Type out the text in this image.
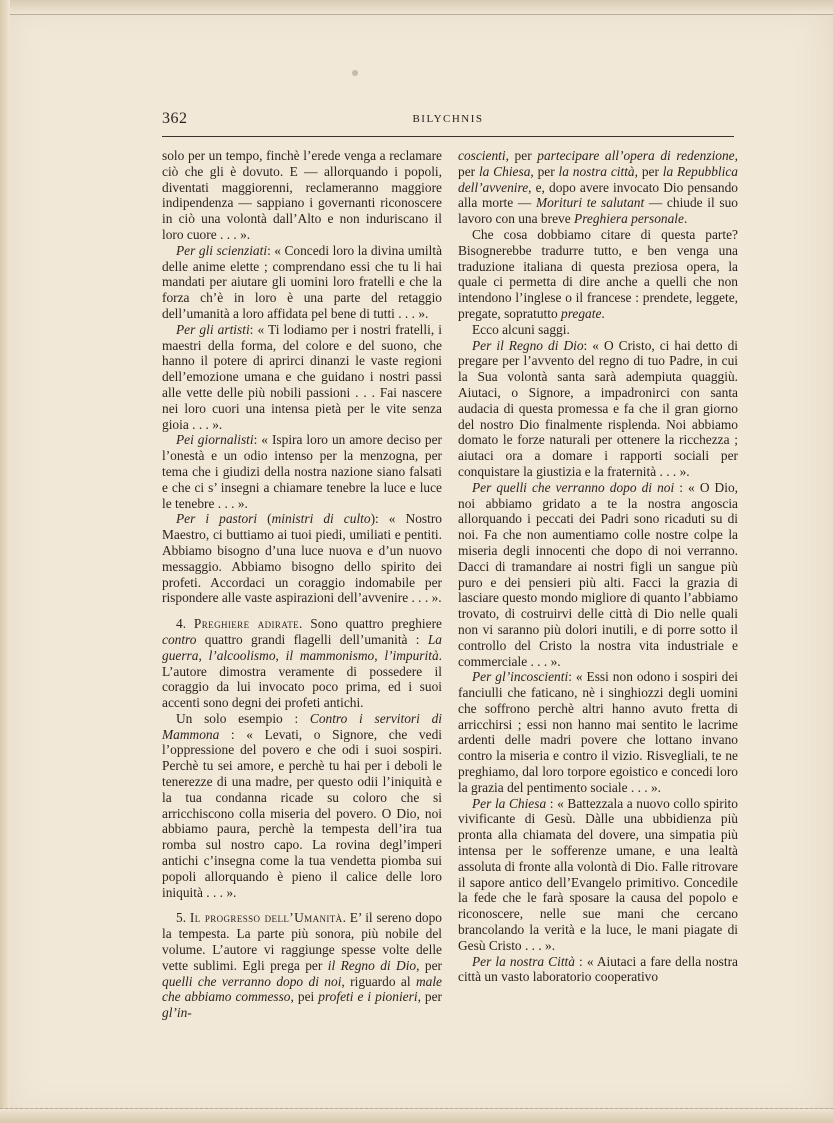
362	BILYCHNIS

solo per un tempo, finchè l’erede venga a reclamare ciò che gli è dovuto. E — allorquando i popoli, diventati maggiorenni, reclameranno maggiore indipendenza — sappiano i governanti riconoscere in ciò una volontà dall’Alto e non induriscano il loro cuore . . . ».

Per gli scienziati: « Concedi loro la divina umiltà delle anime elette ; comprendano essi che tu li hai mandati per aiutare gli uomini loro fratelli e che la forza ch’è in loro è una parte del retaggio dell’umanità a loro affidata pel bene di tutti . . . ».

Per gli artisti: « Ti lodiamo per i nostri fratelli, i maestri della forma, del colore e del suono, che hanno il potere di aprirci dinanzi le vaste regioni dell’emozione umana e che guidano i nostri passi alle vette delle più nobili passioni . . . Fai nascere nei loro cuori una intensa pietà per le vite senza gioia . . . ».

Pei giornalisti: « Ispira loro un amore deciso per l’onestà e un odio intenso per la menzogna, per tema che i giudizi della nostra nazione siano falsati e che ci s’ insegni a chiamare tenebre la luce e luce le tenebre . . . ».

Per i pastori (ministri di culto): « Nostro Maestro, ci buttiamo ai tuoi piedi, umiliati e pentiti. Abbiamo bisogno d’una luce nuova e d’un nuovo messaggio. Abbiamo bisogno dello spirito dei profeti. Accordaci un coraggio indomabile per rispondere alle vaste aspirazioni dell’avvenire . . . ».

4. Preghiere adirate. Sono quattro preghiere contro quattro grandi flagelli dell’umanità : La guerra, l’alcoolismo, il mammonismo, l’impurità. L’autore dimostra veramente di possedere il coraggio da lui invocato poco prima, ed i suoi accenti sono degni dei profeti antichi.

Un solo esempio : Contro i servitori di Mammona : « Levati, o Signore, che vedi l’oppressione del povero e che odi i suoi sospiri. Perchè tu sei amore, e perchè tu hai per i deboli le tenerezze di una madre, per questo odii l’iniquità e la tua condanna ricade su coloro che si arricchiscono colla miseria del povero. O Dio, noi abbiamo paura, perchè la tempesta dell’ira tua romba sul nostro capo. La rovina degl’imperi antichi c’insegna come la tua vendetta piomba sui popoli allorquando è pieno il calice delle loro iniquità . . . ».

5. Il progresso dell’Umanità. E’ il sereno dopo la tempesta. La parte più sonora, più nobile del volume. L’autore vi raggiunge spesse volte delle vette sublimi. Egli prega per il Regno di Dio, per quelli che verranno dopo di noi, riguardo al male che abbiamo commesso, pei profeti e i pionieri, per gl’in-

coscienti, per partecipare all’opera di redenzione, per la Chiesa, per la nostra città, per la Repubblica dell’avvenire, e, dopo avere invocato Dio pensando alla morte — Morituri te salutant — chiude il suo lavoro con una breve Preghiera personale.

Che cosa dobbiamo citare di questa parte? Bisognerebbe tradurre tutto, e ben venga una traduzione italiana di questa preziosa opera, la quale ci permetta di dire anche a quelli che non intendono l’inglese o il francese : prendete, leggete, pregate, sopratutto pregate.

Ecco alcuni saggi.

Per il Regno di Dio: « O Cristo, ci hai detto di pregare per l’avvento del regno di tuo Padre, in cui la Sua volontà santa sarà adempiuta quaggiù. Aiutaci, o Signore, a impadronirci con santa audacia di questa promessa e fa che il gran giorno del nostro Dio finalmente risplenda. Noi abbiamo domato le forze naturali per ottenere la ricchezza ; aiutaci ora a domare i rapporti sociali per conquistare la giustizia e la fraternità . . . ».

Per quelli che verranno dopo di noi : « O Dio, noi abbiamo gridato a te la nostra angoscia allorquando i peccati dei Padri sono ricaduti su di noi. Fa che non aumentiamo colle nostre colpe la miseria degli innocenti che dopo di noi verranno. Dacci di tramandare ai nostri figli un sangue più puro e dei pensieri più alti. Facci la grazia di lasciare questo mondo migliore di quanto l’abbiamo trovato, di costruirvi delle città di Dio nelle quali non vi saranno più dolori inutili, e di porre sotto il controllo del Cristo la nostra vita industriale e commerciale . . . ».

Per gl’incoscienti: « Essi non odono i sospiri dei fanciulli che faticano, nè i singhiozzi degli uomini che soffrono perchè altri hanno avuto fretta di arricchirsi ; essi non hanno mai sentito le lacrime ardenti delle madri povere che lottano invano contro la miseria e contro il vizio. Risvegliali, te ne preghiamo, dal loro torpore egoistico e concedi loro la grazia del pentimento sociale . . . ».

Per la Chiesa : « Battezzala a nuovo collo spirito vivificante di Gesù. Dàlle una ubbidienza più pronta alla chiamata del dovere, una simpatia più intensa per le sofferenze umane, e una lealtà assoluta di fronte alla volontà di Dio. Falle ritrovare il sapore antico dell’Evangelo primitivo. Concedile la fede che le farà sposare la causa del popolo e riconoscere, nelle sue mani che cercano brancolando la verità e la luce, le mani piagate di Gesù Cristo . . . ».

Per la nostra Città : « Aiutaci a fare della nostra città un vasto laboratorio cooperativo
